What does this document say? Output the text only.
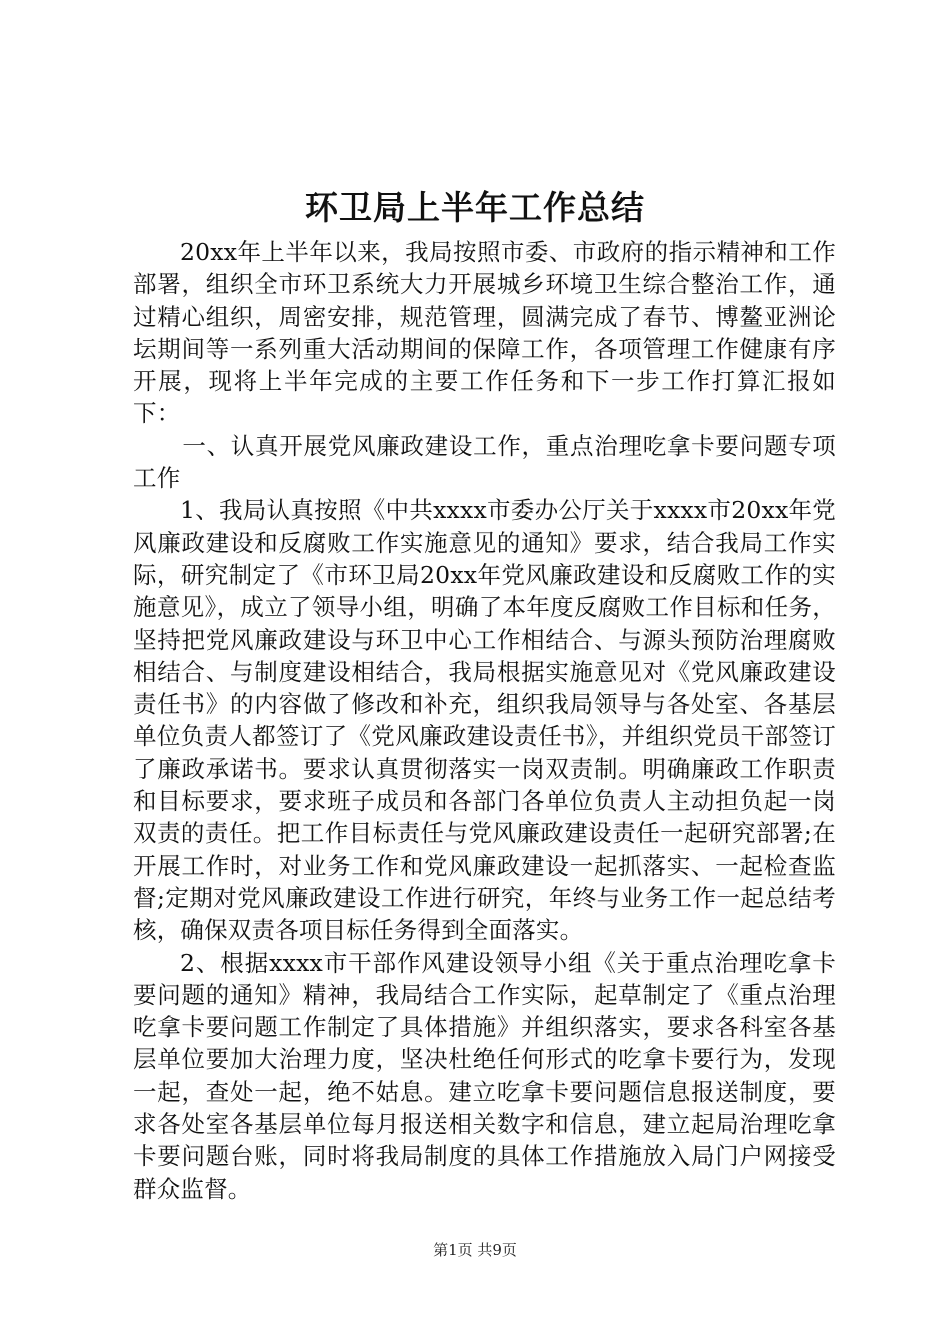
环卫局上半年工作总结

20xx年上半年以来，我局按照市委、市政府的指示精神和工作部署，组织全市环卫系统大力开展城乡环境卫生综合整治工作，通过精心组织，周密安排，规范管理，圆满完成了春节、博鳌亚洲论坛期间等一系列重大活动期间的保障工作，各项管理工作健康有序开展，现将上半年完成的主要工作任务和下一步工作打算汇报如下：

一、认真开展党风廉政建设工作，重点治理吃拿卡要问题专项工作

1、我局认真按照《中共xxxx市委办公厅关于xxxx市20xx年党风廉政建设和反腐败工作实施意见的通知》要求，结合我局工作实际，研究制定了《市环卫局20xx年党风廉政建设和反腐败工作的实施意见》，成立了领导小组，明确了本年度反腐败工作目标和任务，坚持把党风廉政建设与环卫中心工作相结合、与源头预防治理腐败相结合、与制度建设相结合，我局根据实施意见对《党风廉政建设责任书》的内容做了修改和补充，组织我局领导与各处室、各基层单位负责人都签订了《党风廉政建设责任书》，并组织党员干部签订了廉政承诺书。要求认真贯彻落实一岗双责制。明确廉政工作职责和目标要求，要求班子成员和各部门各单位负责人主动担负起一岗双责的责任。把工作目标责任与党风廉政建设责任一起研究部署;在开展工作时，对业务工作和党风廉政建设一起抓落实、一起检查监督;定期对党风廉政建设工作进行研究，年终与业务工作一起总结考核，确保双责各项目标任务得到全面落实。

2、根据xxxx市干部作风建设领导小组《关于重点治理吃拿卡要问题的通知》精神，我局结合工作实际，起草制定了《重点治理吃拿卡要问题工作制定了具体措施》并组织落实，要求各科室各基层单位要加大治理力度，坚决杜绝任何形式的吃拿卡要行为，发现一起，查处一起，绝不姑息。建立吃拿卡要问题信息报送制度，要求各处室各基层单位每月报送相关数字和信息，建立起局治理吃拿卡要问题台账，同时将我局制度的具体工作措施放入局门户网接受群众监督。

第1页 共9页
